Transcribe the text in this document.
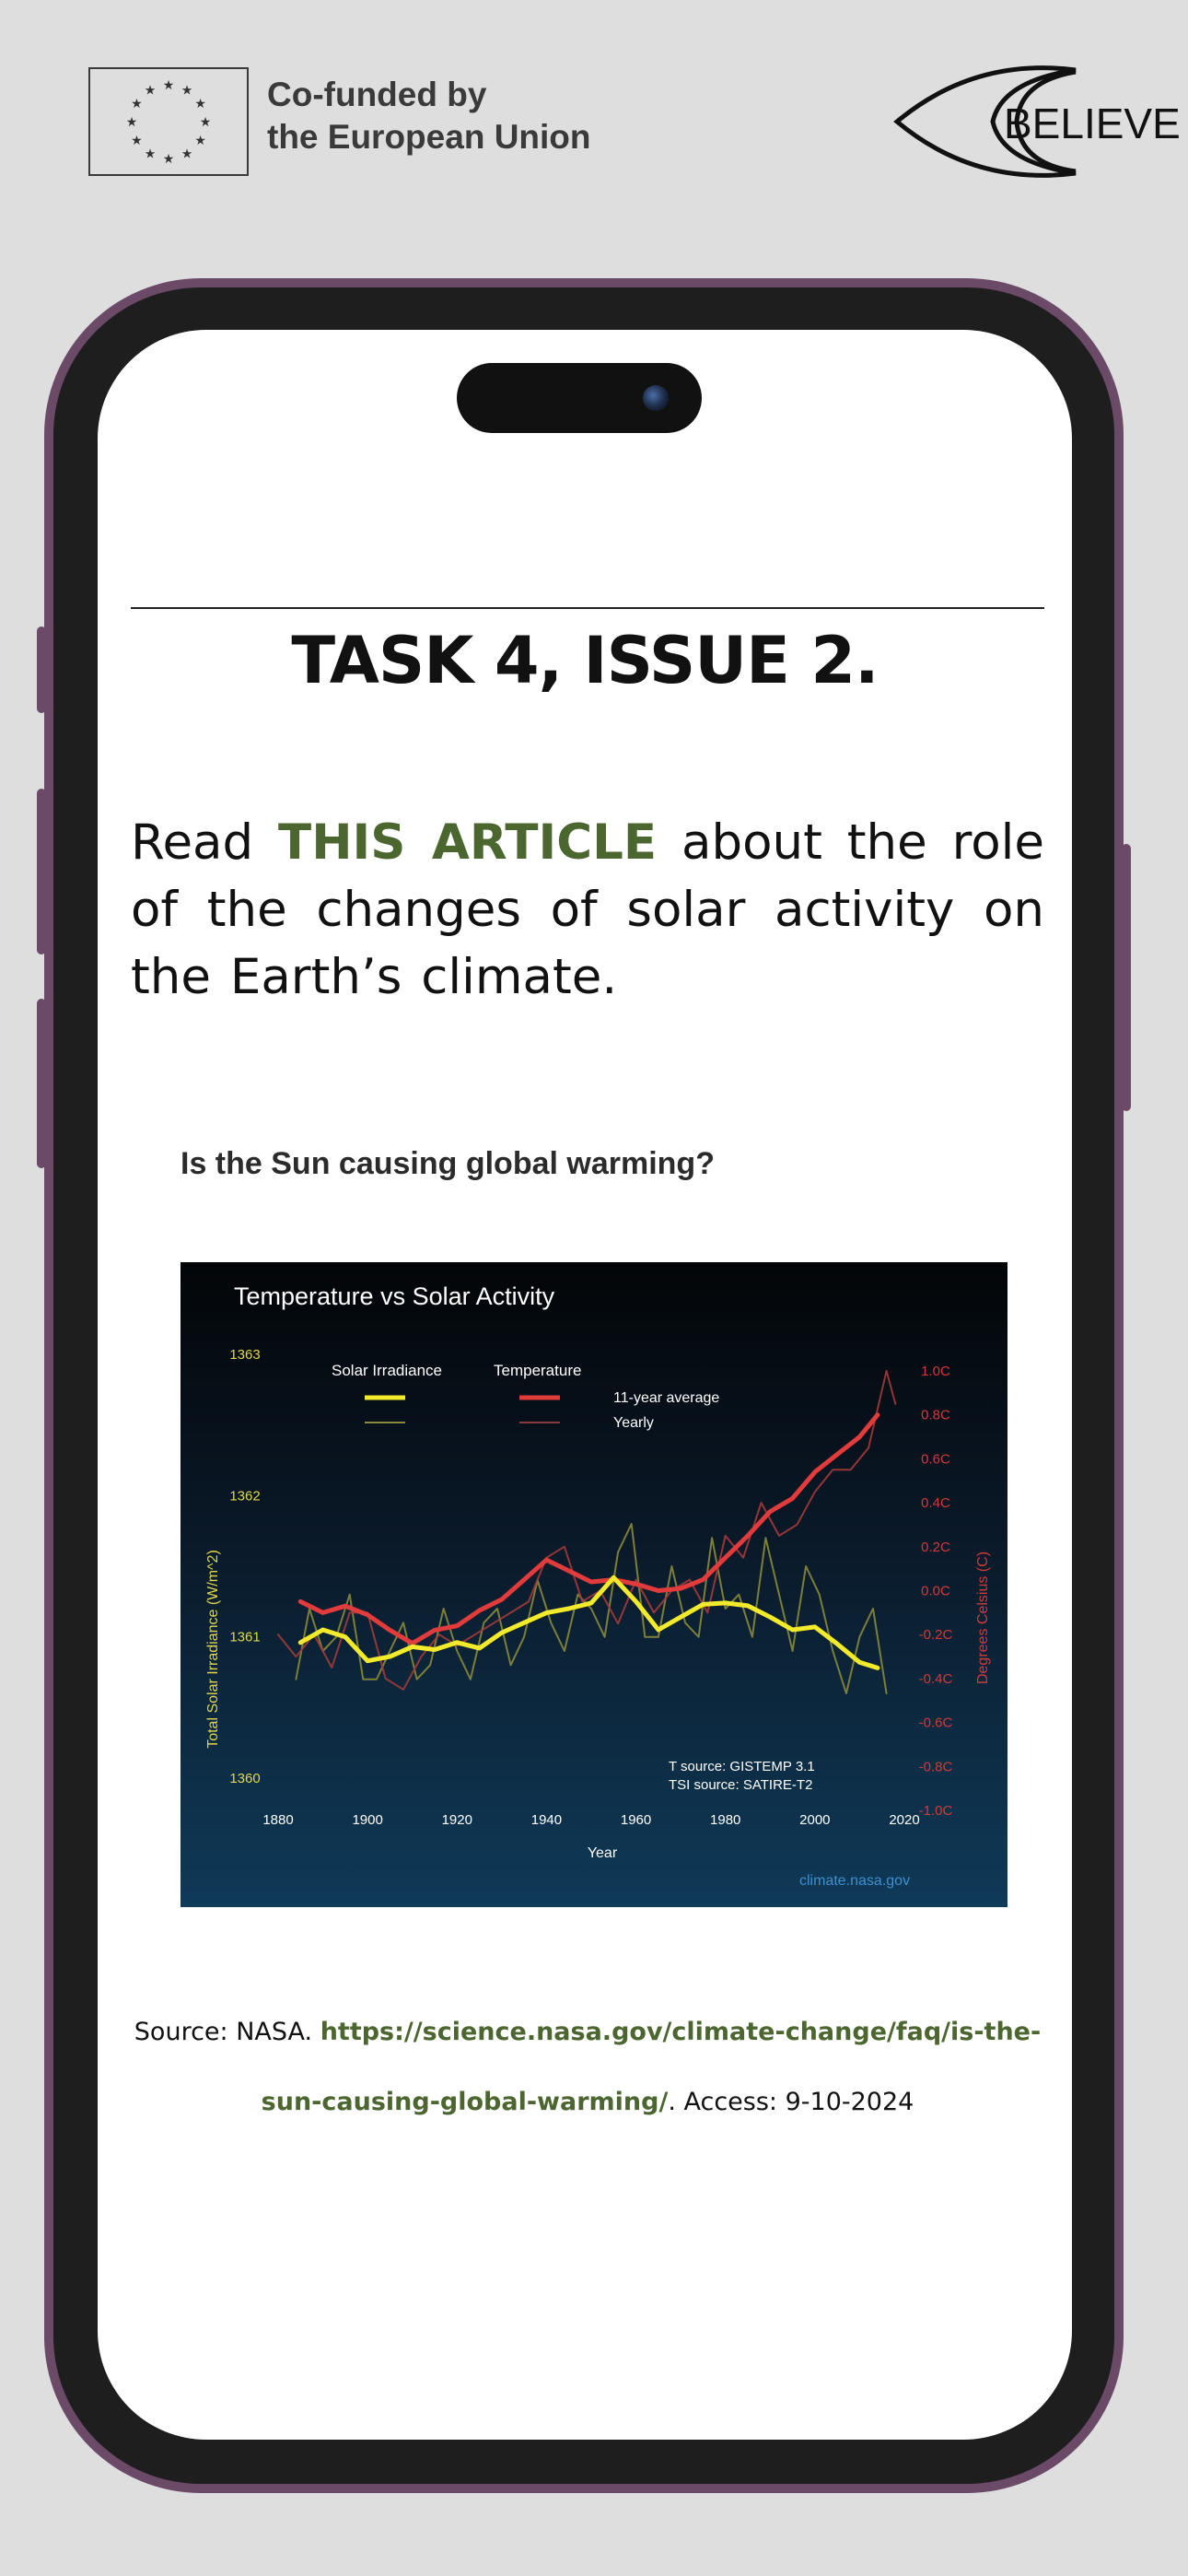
★ ★
★
★
★
★
★
★
★
★
★
★	Co-funded by
the European Union	BELIEVE
TASK 4, ISSUE 2.
Read THIS ARTICLE about the role of the changes of solar activity on the Earth’s climate.
Is the Sun causing global warming?
Temperature vs Solar Activity
Solar Irradiance	Temperature
11-year average
Yearly
Total Solar Irradiance (W/m^2)	Degrees Celsius (C)
Year
T source: GISTEMP 3.1
TSI source: SATIRE-T2
climate.nasa.gov
1880	1900	1920	1940	1960	1980	2000	2020
1360
1361
1362
1363
-1.0C
-0.8C
-0.6C
-0.4C
-0.2C
0.0C
0.2C
0.4C
0.6C
0.8C
1.0C
Source: NASA. https://science.nasa.gov/climate-change/faq/is-the-sun-causing-global-warming/. Access: 9-10-2024
